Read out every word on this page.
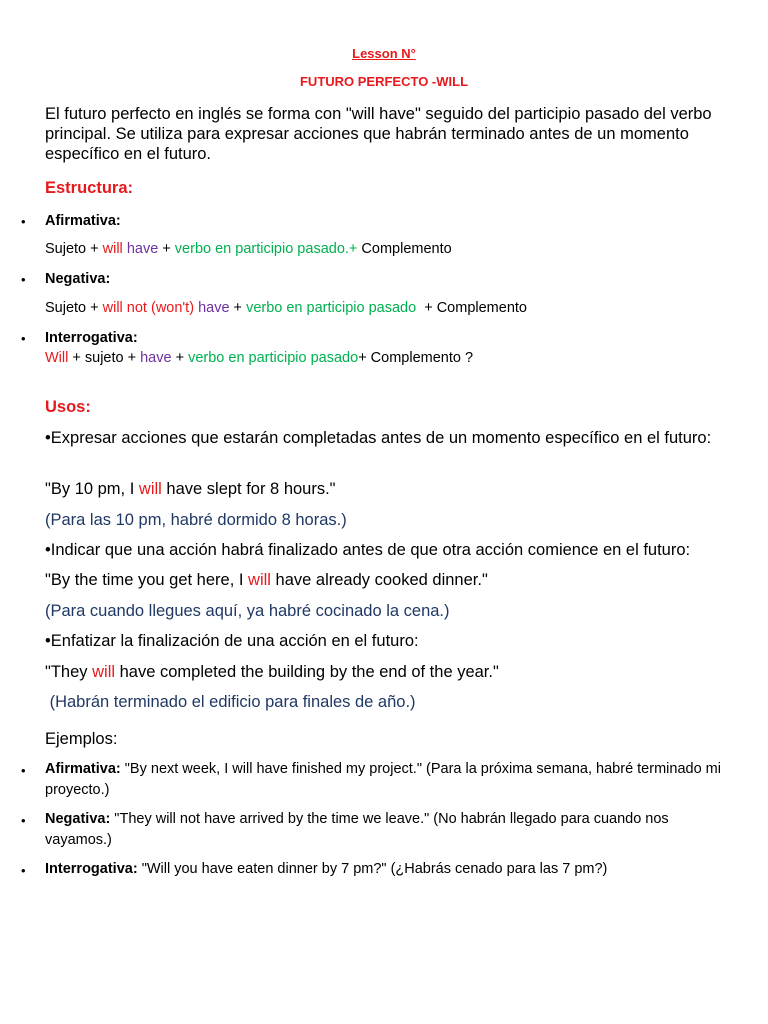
Lesson N°
FUTURO PERFECTO -WILL
El futuro perfecto en inglés se forma con "will have" seguido del participio pasado del verbo principal. Se utiliza para expresar acciones que habrán terminado antes de un momento específico en el futuro.
Estructura:
• Afirmativa:
Sujeto + will have + verbo en participio pasado.+ Complemento
• Negativa:
Sujeto + will not (won't) have + verbo en participio pasado  + Complemento
• Interrogativa:
Will + sujeto + have + verbo en participio pasado+ Complemento ?
Usos:
•Expresar acciones que estarán completadas antes de un momento específico en el futuro:
"By 10 pm, I will have slept for 8 hours."
(Para las 10 pm, habré dormido 8 horas.)
•Indicar que una acción habrá finalizado antes de que otra acción comience en el futuro:
"By the time you get here, I will have already cooked dinner."
(Para cuando llegues aquí, ya habré cocinado la cena.)
•Enfatizar la finalización de una acción en el futuro:
"They will have completed the building by the end of the year."
(Habrán terminado el edificio para finales de año.)
Ejemplos:
• Afirmativa: "By next week, I will have finished my project." (Para la próxima semana, habré terminado mi proyecto.)
• Negativa: "They will not have arrived by the time we leave." (No habrán llegado para cuando nos vayamos.)
• Interrogativa: "Will you have eaten dinner by 7 pm?" (¿Habrás cenado para las 7 pm?)
